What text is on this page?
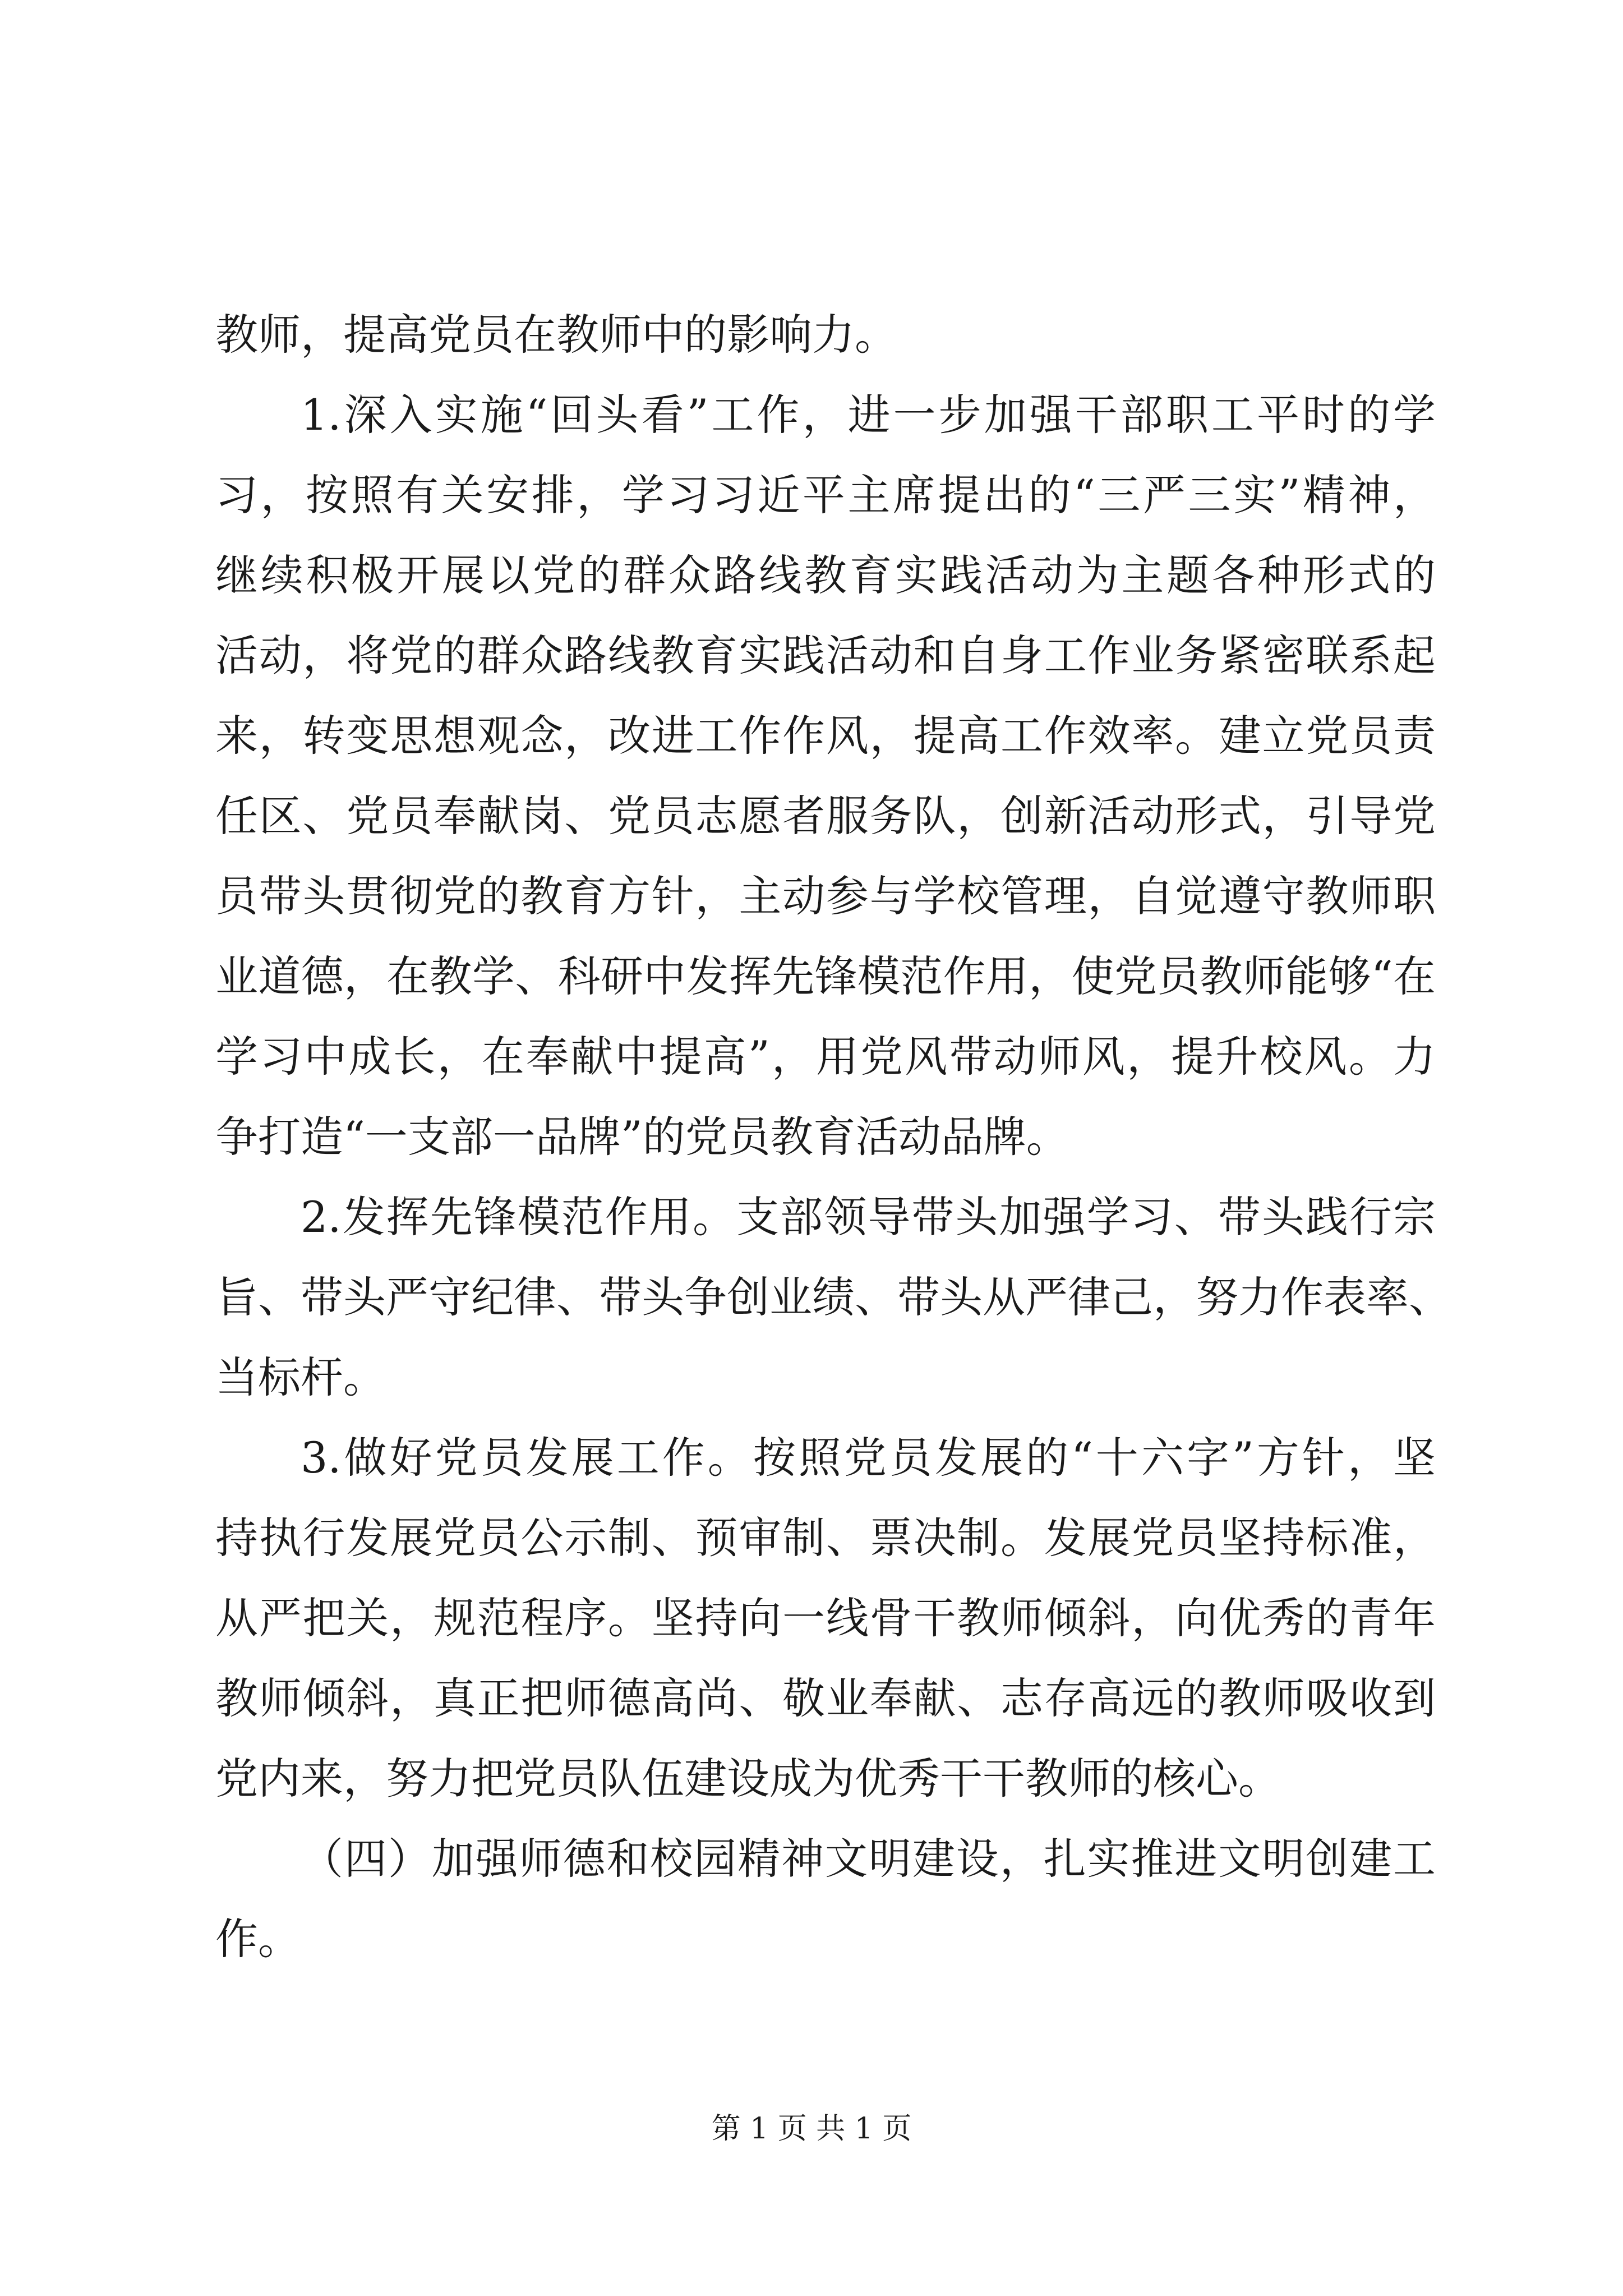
教师，提高党员在教师中的影响力。
1.深入实施“回头看”工作，进一步加强干部职工平时的学
习，按照有关安排，学习习近平主席提出的“三严三实”精神，
继续积极开展以党的群众路线教育实践活动为主题各种形式的
活动，将党的群众路线教育实践活动和自身工作业务紧密联系起
来，转变思想观念，改进工作作风，提高工作效率。建立党员责
任区、党员奉献岗、党员志愿者服务队，创新活动形式，引导党
员带头贯彻党的教育方针，主动参与学校管理，自觉遵守教师职
业道德，在教学、科研中发挥先锋模范作用，使党员教师能够“在
学习中成长，在奉献中提高”，用党风带动师风，提升校风。力
争打造“一支部一品牌”的党员教育活动品牌。
2.发挥先锋模范作用。支部领导带头加强学习、带头践行宗
旨、带头严守纪律、带头争创业绩、带头从严律己，努力作表率、
当标杆。
3.做好党员发展工作。按照党员发展的“十六字”方针，坚
持执行发展党员公示制、预审制、票决制。发展党员坚持标准，
从严把关，规范程序。坚持向一线骨干教师倾斜，向优秀的青年
教师倾斜，真正把师德高尚、敬业奉献、志存高远的教师吸收到
党内来，努力把党员队伍建设成为优秀干干教师的核心。
（四）加强师德和校园精神文明建设，扎实推进文明创建工
作。
第 1 页 共 1 页
